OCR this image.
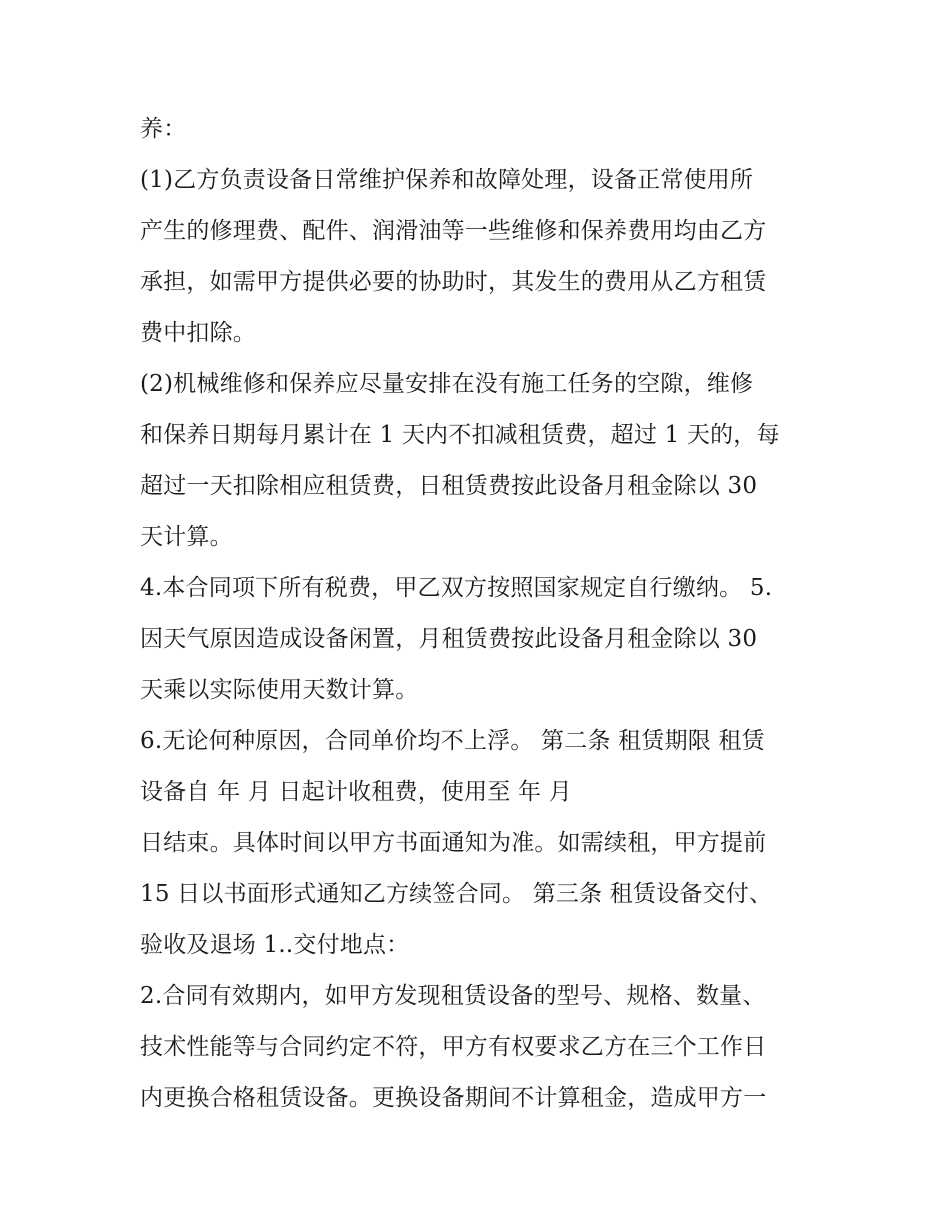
养：
(1)乙方负责设备日常维护保养和故障处理，设备正常使用所
产生的修理费、配件、润滑油等一些维修和保养费用均由乙方
承担，如需甲方提供必要的协助时，其发生的费用从乙方租赁
费中扣除。
(2)机械维修和保养应尽量安排在没有施工任务的空隙，维修
和保养日期每月累计在 1 天内不扣减租赁费，超过 1 天的，每
超过一天扣除相应租赁费，日租赁费按此设备月租金除以 30
天计算。
4.本合同项下所有税费，甲乙双方按照国家规定自行缴纳。 5.
因天气原因造成设备闲置，月租赁费按此设备月租金除以 30
天乘以实际使用天数计算。
6.无论何种原因，合同单价均不上浮。 第二条 租赁期限 租赁
设备自 年 月 日起计收租费，使用至 年 月
日结束。具体时间以甲方书面通知为准。如需续租，甲方提前
15 日以书面形式通知乙方续签合同。 第三条 租赁设备交付、
验收及退场 1..交付地点：
2.合同有效期内，如甲方发现租赁设备的型号、规格、数量、
技术性能等与合同约定不符，甲方有权要求乙方在三个工作日
内更换合格租赁设备。更换设备期间不计算租金，造成甲方一
